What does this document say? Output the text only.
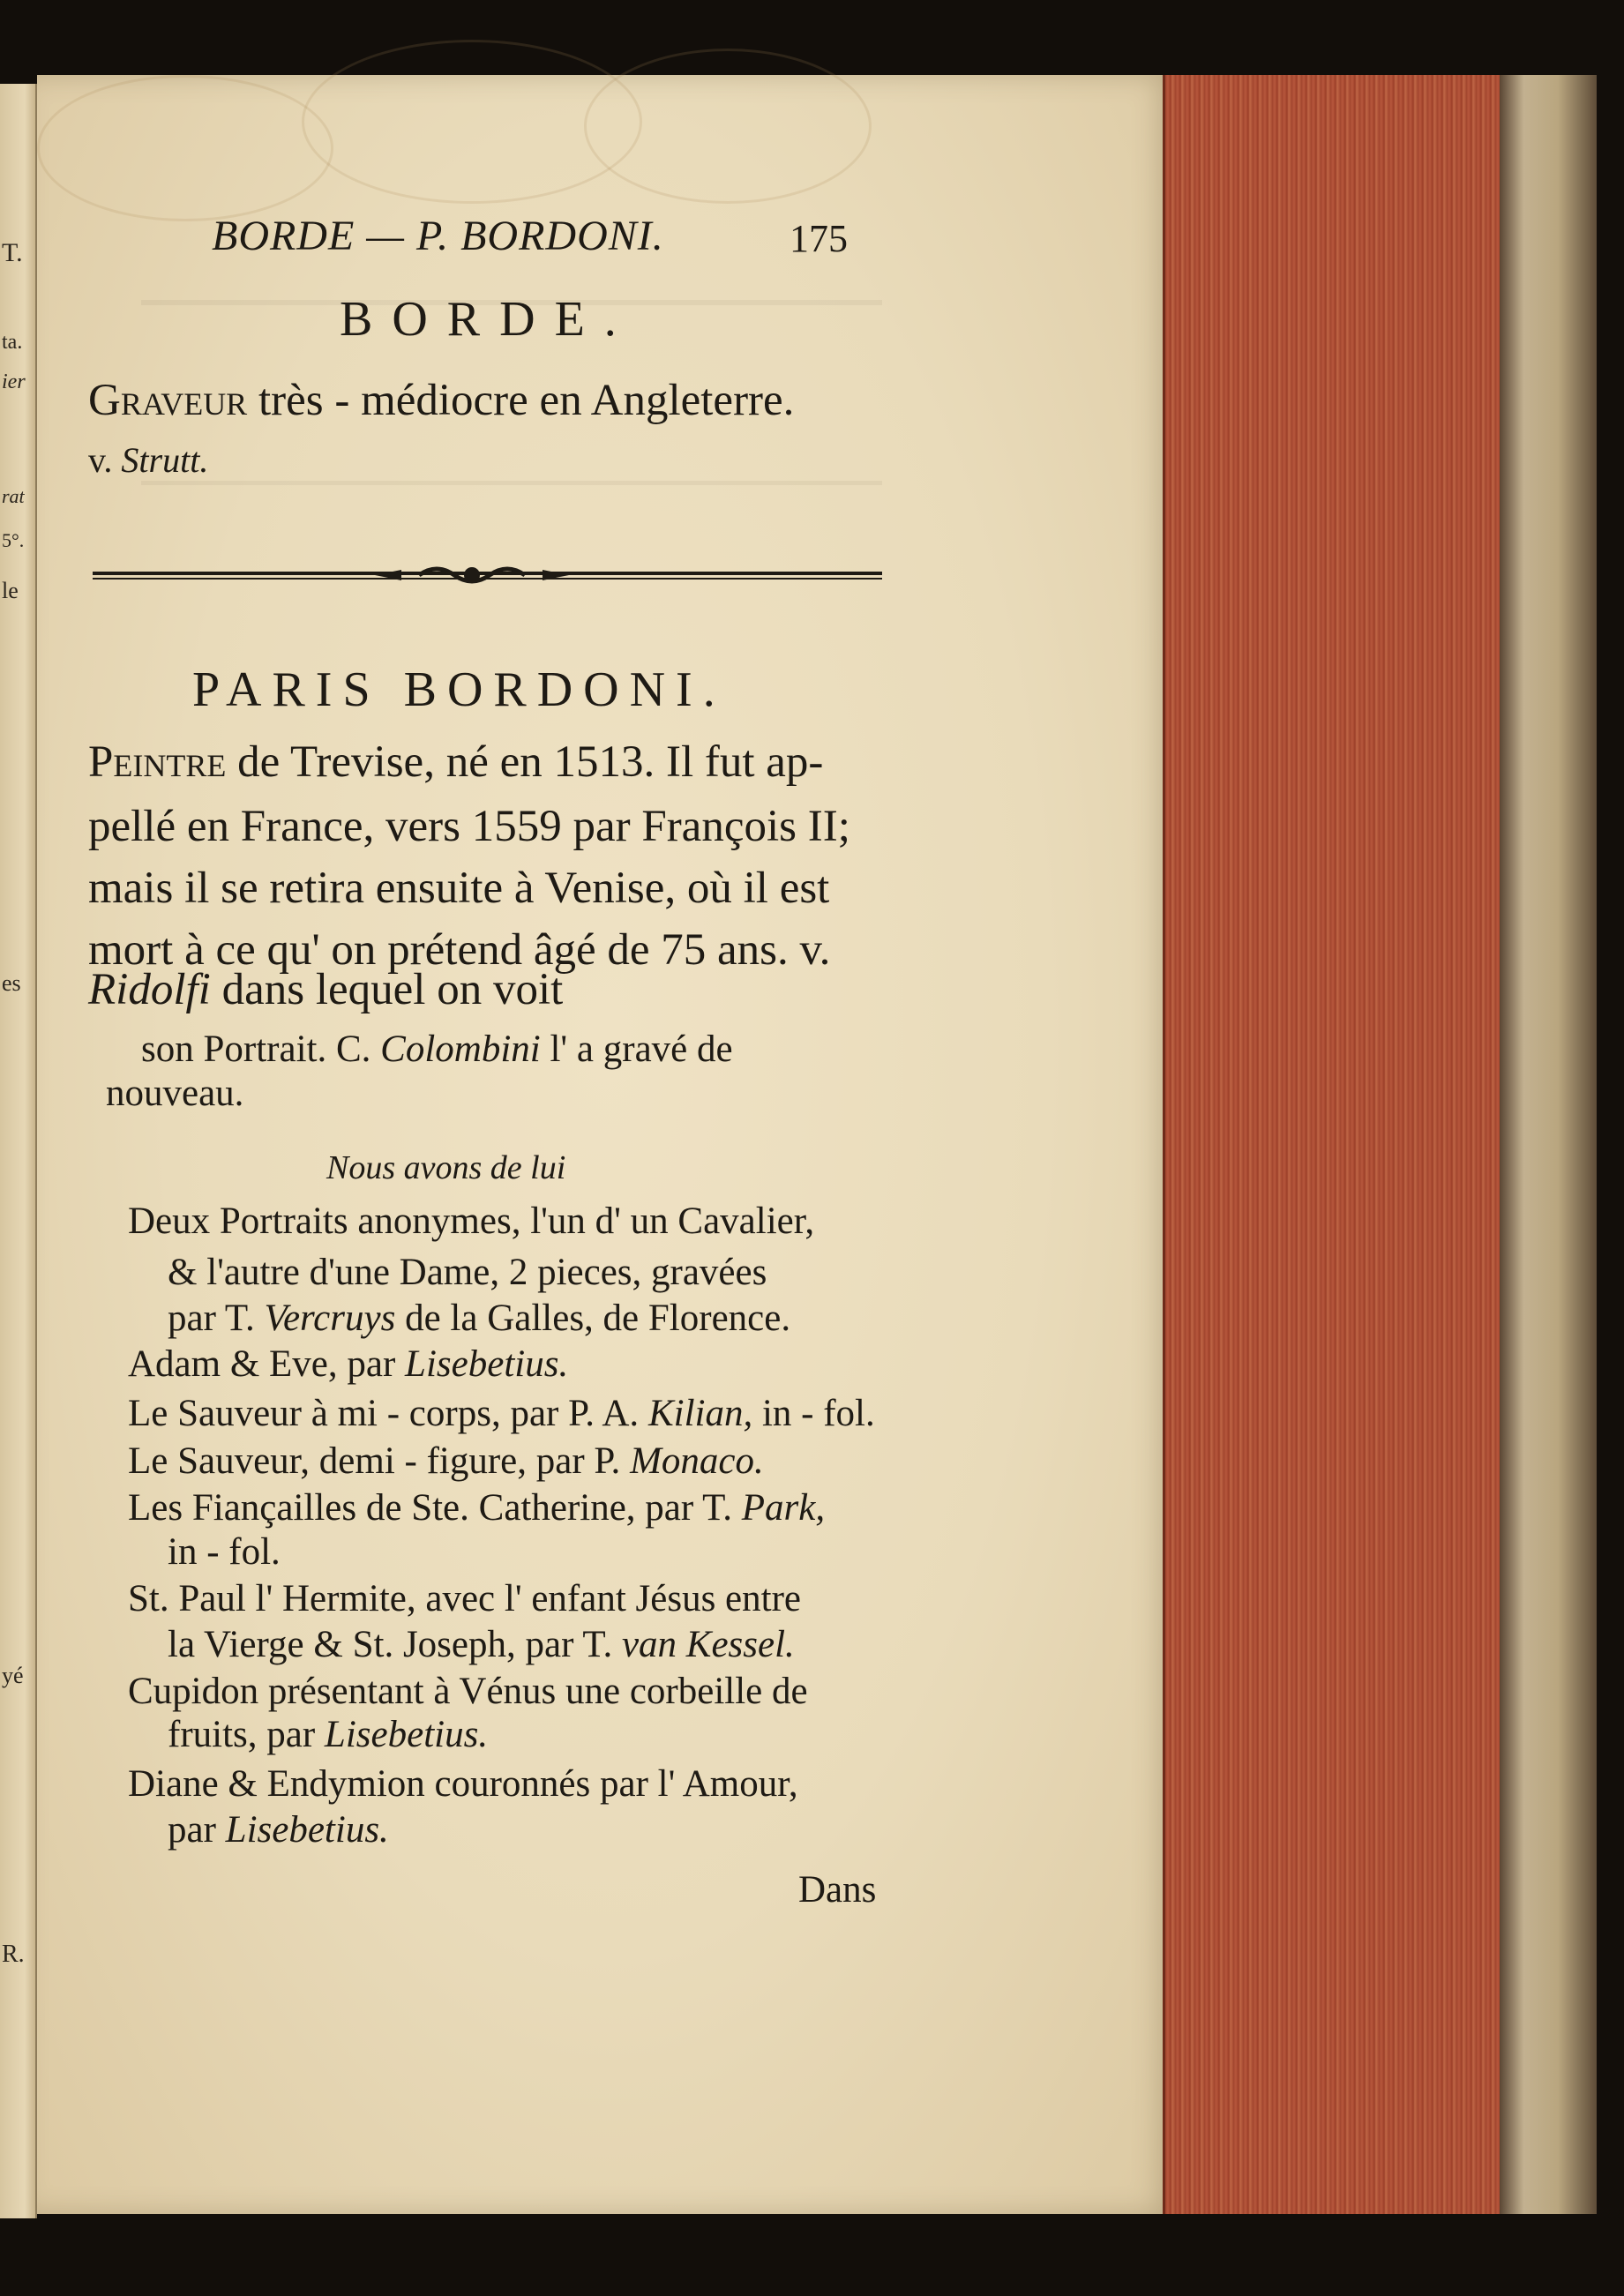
T.
ta.
ier
rat
5°.
le
es
yé
R.
BORDE — P. BORDONI.	175
BORDE.
Graveur très - médiocre en Angleterre.
v. Strutt.
PARIS BORDONI.
Peintre de Trevise, né en 1513. Il fut ap-
pellé en France, vers 1559 par François II;
mais il se retira ensuite à Venise, où il est
mort à ce qu' on prétend âgé de 75 ans. v.
Ridolfi dans lequel on voit
son Portrait. C. Colombini l' a gravé de
nouveau.
Nous avons de lui
Deux Portraits anonymes, l'un d' un Cavalier,
& l'autre d'une Dame, 2 pieces, gravées
par T. Vercruys de la Galles, de Florence.
Adam & Eve, par Lisebetius.
Le Sauveur à mi - corps, par P. A. Kilian, in - fol.
Le Sauveur, demi - figure, par P. Monaco.
Les Fiançailles de Ste. Catherine, par T. Park,
in - fol.
St. Paul l' Hermite, avec l' enfant Jésus entre
la Vierge & St. Joseph, par T. van Kessel.
Cupidon présentant à Vénus une corbeille de
fruits, par Lisebetius.
Diane & Endymion couronnés par l' Amour,
par Lisebetius.
Dans
